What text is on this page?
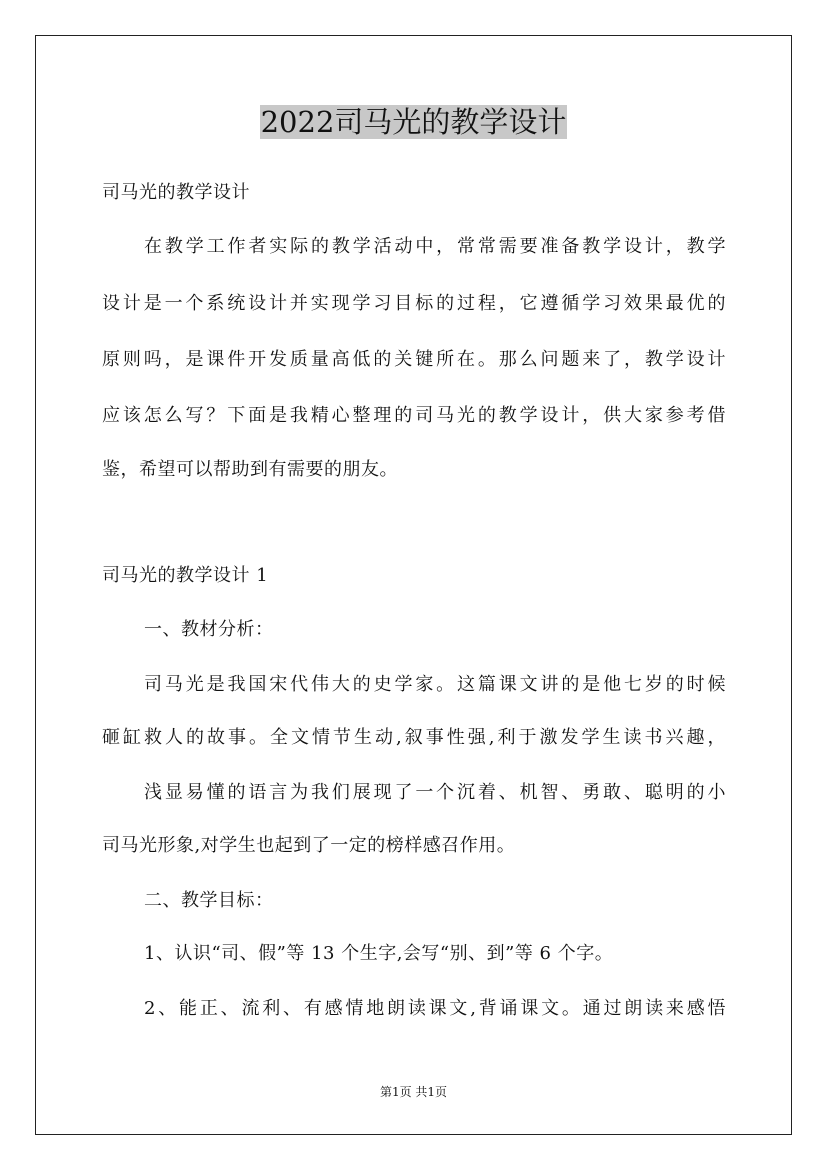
2022司马光的教学设计
司马光的教学设计
在教学工作者实际的教学活动中，常常需要准备教学设计，教学
设计是一个系统设计并实现学习目标的过程，它遵循学习效果最优的
原则吗，是课件开发质量高低的关键所在。那么问题来了，教学设计
应该怎么写？下面是我精心整理的司马光的教学设计，供大家参考借
鉴，希望可以帮助到有需要的朋友。
司马光的教学设计 1
一、教材分析：
司马光是我国宋代伟大的史学家。这篇课文讲的是他七岁的时候
砸缸救人的故事。全文情节生动,叙事性强,利于激发学生读书兴趣，
浅显易懂的语言为我们展现了一个沉着、机智、勇敢、聪明的小
司马光形象,对学生也起到了一定的榜样感召作用。
二、教学目标：
1、认识“司、假”等 13 个生字,会写“别、到”等 6 个字。
2、能正、流利、有感情地朗读课文,背诵课文。通过朗读来感悟
第1页 共1页
